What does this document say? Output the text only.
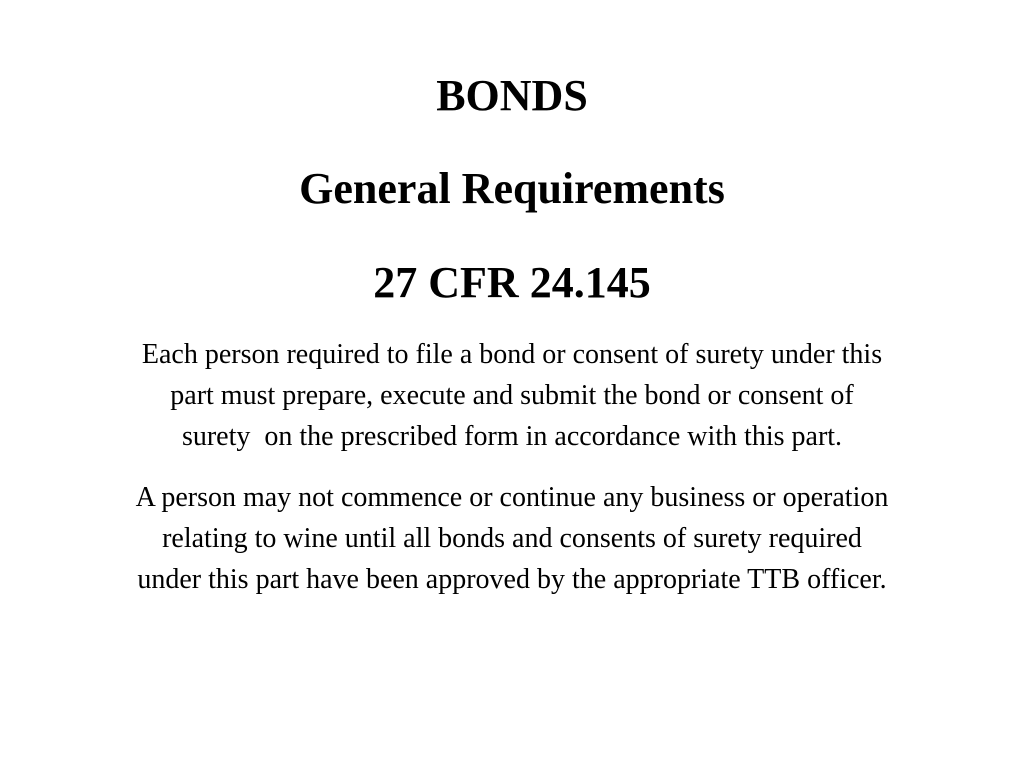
BONDS
General Requirements
27 CFR 24.145

Each person required to file a bond or consent of surety under this
part must prepare, execute and submit the bond or consent of
surety  on the prescribed form in accordance with this part.

A person may not commence or continue any business or operation
relating to wine until all bonds and consents of surety required
under this part have been approved by the appropriate TTB officer.
